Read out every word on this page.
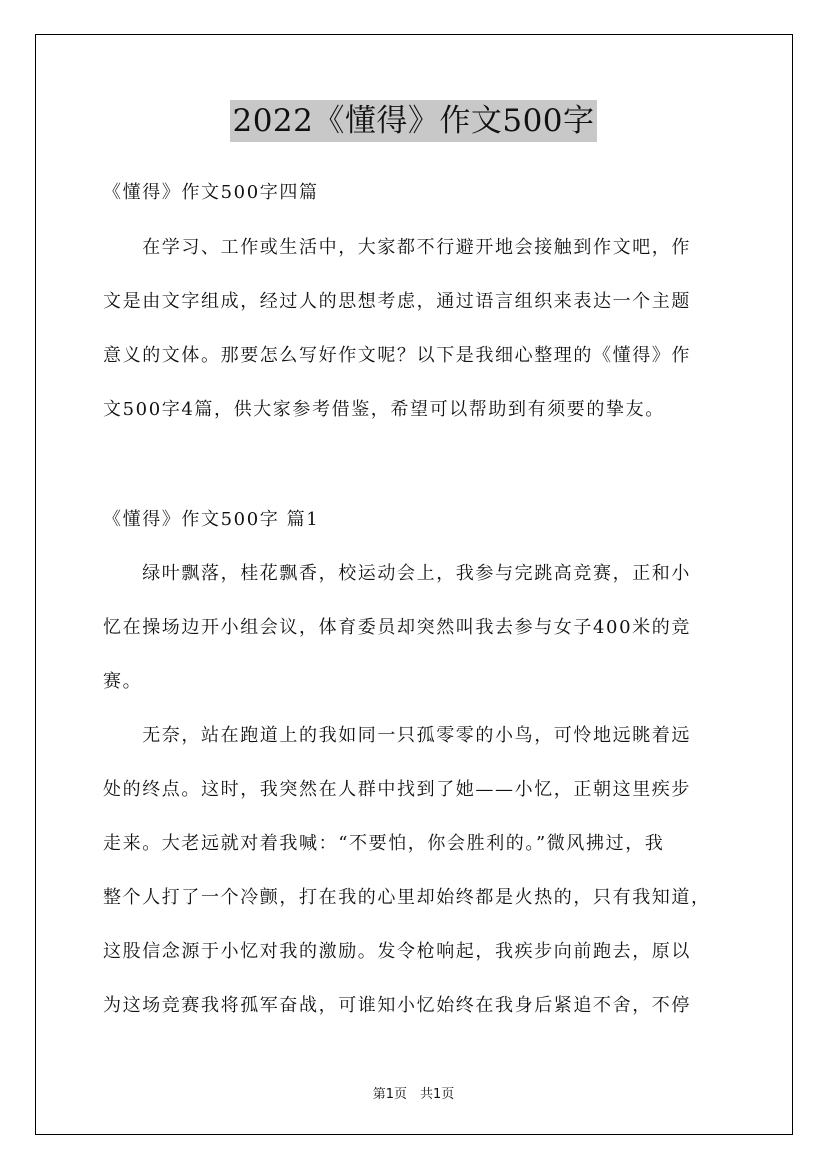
2022《懂得》作文500字
《懂得》作文500字四篇
　　在学习、工作或生活中，大家都不行避开地会接触到作文吧，作
文是由文字组成，经过人的思想考虑，通过语言组织来表达一个主题
意义的文体。那要怎么写好作文呢？以下是我细心整理的《懂得》作
文500字4篇，供大家参考借鉴，希望可以帮助到有须要的挚友。
《懂得》作文500字 篇1
　　绿叶飘落，桂花飘香，校运动会上，我参与完跳高竞赛，正和小
忆在操场边开小组会议，体育委员却突然叫我去参与女子400米的竞
赛。
　　无奈，站在跑道上的我如同一只孤零零的小鸟，可怜地远眺着远
处的终点。这时，我突然在人群中找到了她——小忆，正朝这里疾步
走来。大老远就对着我喊：“不要怕，你会胜利的。”微风拂过，我
整个人打了一个冷颤，打在我的心里却始终都是火热的，只有我知道，
这股信念源于小忆对我的激励。发令枪响起，我疾步向前跑去，原以
为这场竞赛我将孤军奋战，可谁知小忆始终在我身后紧追不舍，不停
第1页　共1页
